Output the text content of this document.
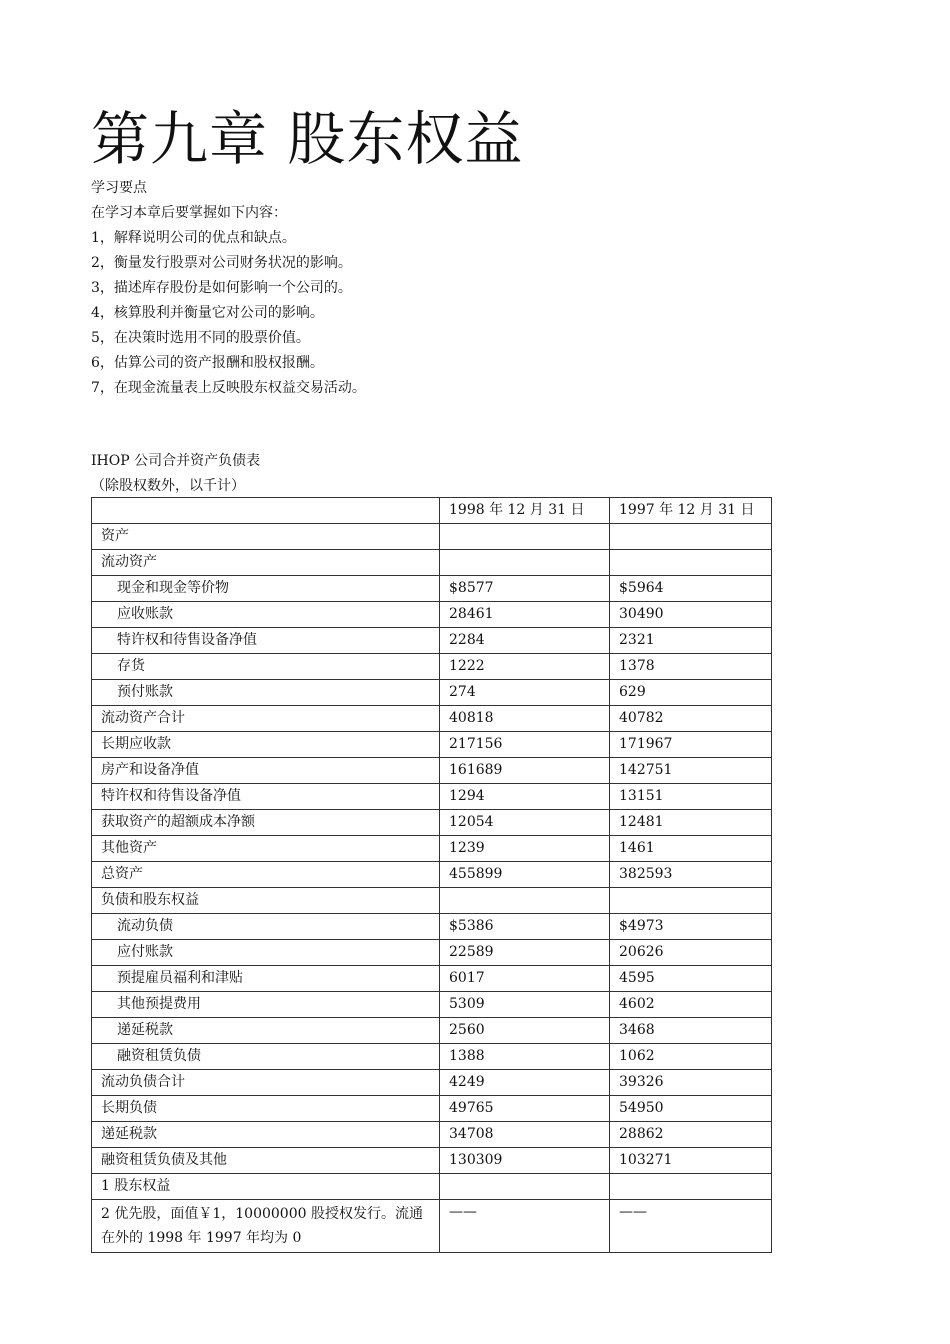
第九章 股东权益
学习要点
在学习本章后要掌握如下内容：
1，解释说明公司的优点和缺点。
2，衡量发行股票对公司财务状况的影响。
3，描述库存股份是如何影响一个公司的。
4，核算股利并衡量它对公司的影响。
5，在决策时选用不同的股票价值。
6，估算公司的资产报酬和股权报酬。
7，在现金流量表上反映股东权益交易活动。
IHOP 公司合并资产负债表
（除股权数外，以千计）
	1998 年 12 月 31 日	1997 年 12 月 31 日
资产		
流动资产		
现金和现金等价物	$8577	$5964
应收账款	28461	30490
特许权和待售设备净值	2284	2321
存货	1222	1378
预付账款	274	629
流动资产合计	40818	40782
长期应收款	217156	171967
房产和设备净值	161689	142751
特许权和待售设备净值	1294	13151
获取资产的超额成本净额	12054	12481
其他资产	1239	1461
总资产	455899	382593
负债和股东权益		
流动负债	$5386	$4973
应付账款	22589	20626
预提雇员福利和津贴	6017	4595
其他预提费用	5309	4602
递延税款	2560	3468
融资租赁负债	1388	1062
流动负债合计	4249	39326
长期负债	49765	54950
递延税款	34708	28862
融资租赁负债及其他	130309	103271
1 股东权益		
2 优先股，面值￥1，10000000 股授权发行。流通在外的 1998 年 1997 年均为 0	——	——
